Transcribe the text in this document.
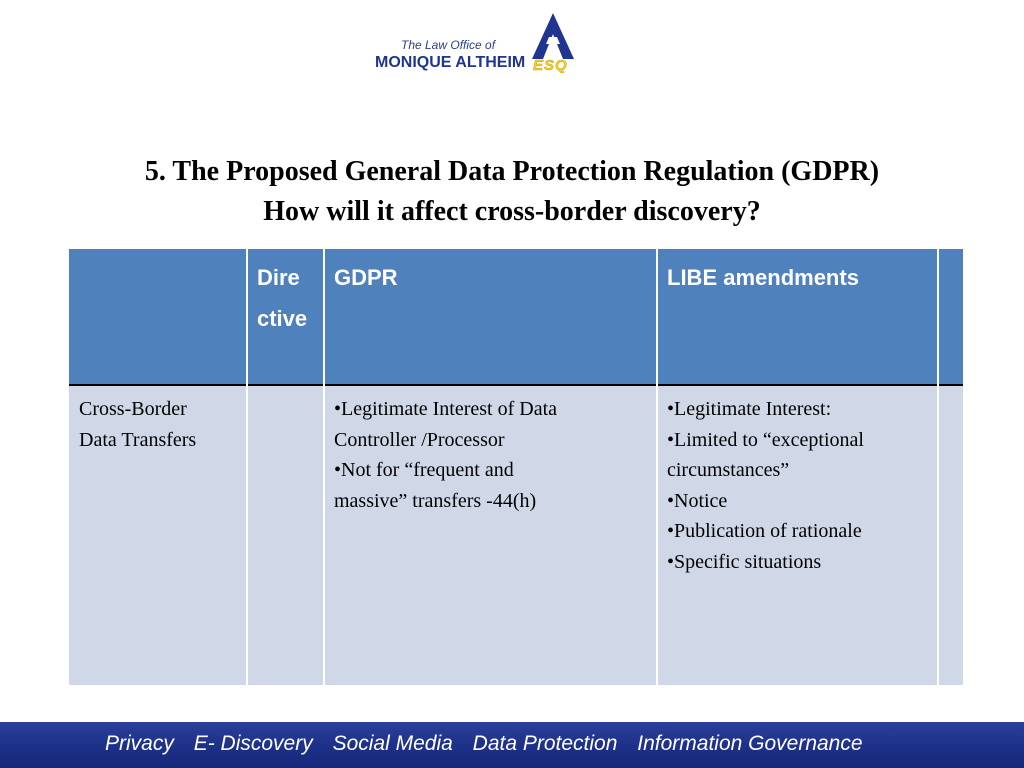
The Law Office of
MONIQUE ALTHEIM ESQ
5. The Proposed General Data Protection Regulation (GDPR)
How will it affect cross-border discovery?
Directive
GDPR	LIBE amendments
Cross-Border
Data Transfers
•Legitimate Interest of Data
Controller /Processor
•Not for “frequent and
massive” transfers -44(h)
•Legitimate Interest:
•Limited to “exceptional
circumstances”
•Notice
•Publication of rationale
•Specific situations
Privacy E- Discovery Social Media Data Protection Information Governance
